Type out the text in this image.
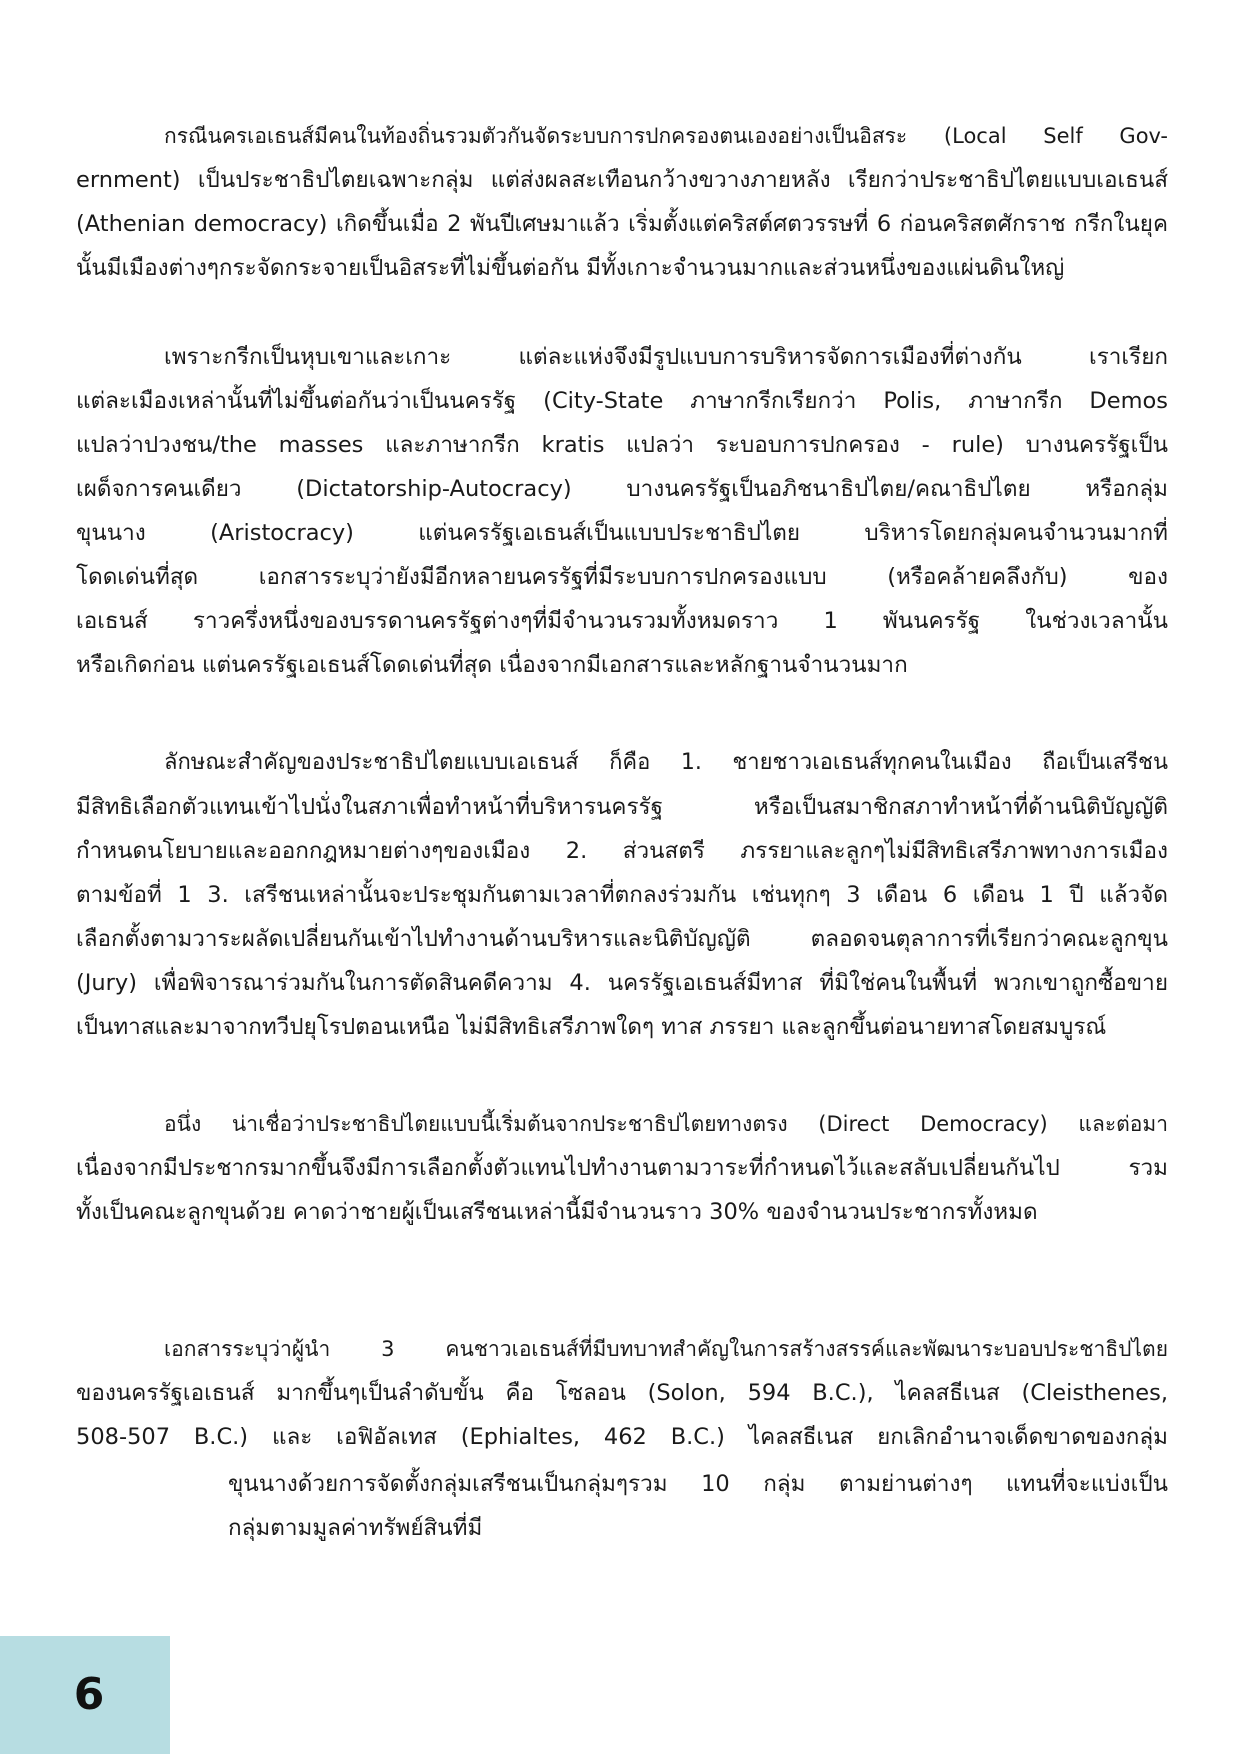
กรณีนครเอเธนส์มีคนในท้องถิ่นรวมตัวกันจัดระบบการปกครองตนเองอย่างเป็นอิสระ (Local Self Gov-
ernment) เป็นประชาธิปไตยเฉพาะกลุ่ม แต่ส่งผลสะเทือนกว้างขวางภายหลัง เรียกว่าประชาธิปไตยแบบเอเธนส์
(Athenian democracy) เกิดขึ้นเมื่อ 2 พันปีเศษมาแล้ว เริ่มตั้งแต่คริสต์ศตวรรษที่ 6 ก่อนคริสตศักราช กรีกในยุค
นั้นมีเมืองต่างๆกระจัดกระจายเป็นอิสระที่ไม่ขึ้นต่อกัน มีทั้งเกาะจำนวนมากและส่วนหนึ่งของแผ่นดินใหญ่
เพราะกรีกเป็นหุบเขาและเกาะ แต่ละแห่งจึงมีรูปแบบการบริหารจัดการเมืองที่ต่างกัน เราเรียก
แต่ละเมืองเหล่านั้นที่ไม่ขึ้นต่อกันว่าเป็นนครรัฐ (City-State ภาษากรีกเรียกว่า Polis, ภาษากรีก Demos
แปลว่าปวงชน/the masses และภาษากรีก kratis แปลว่า ระบอบการปกครอง - rule) บางนครรัฐเป็น
เผด็จการคนเดียว (Dictatorship-Autocracy) บางนครรัฐเป็นอภิชนาธิปไตย/คณาธิปไตย หรือกลุ่ม
ขุนนาง (Aristocracy) แต่นครรัฐเอเธนส์เป็นแบบประชาธิปไตย บริหารโดยกลุ่มคนจำนวนมากที่
โดดเด่นที่สุด เอกสารระบุว่ายังมีอีกหลายนครรัฐที่มีระบบการปกครองแบบ (หรือคล้ายคลึงกับ) ของ
เอเธนส์ ราวครึ่งหนึ่งของบรรดานครรัฐต่างๆที่มีจำนวนรวมทั้งหมดราว 1 พันนครรัฐ ในช่วงเวลานั้น
หรือเกิดก่อน แต่นครรัฐเอเธนส์โดดเด่นที่สุด เนื่องจากมีเอกสารและหลักฐานจำนวนมาก
ลักษณะสำคัญของประชาธิปไตยแบบเอเธนส์ ก็คือ 1. ชายชาวเอเธนส์ทุกคนในเมือง ถือเป็นเสรีชน
มีสิทธิเลือกตัวแทนเข้าไปนั่งในสภาเพื่อทำหน้าที่บริหารนครรัฐ หรือเป็นสมาชิกสภาทำหน้าที่ด้านนิติบัญญัติ
กำหนดนโยบายและออกกฎหมายต่างๆของเมือง 2. ส่วนสตรี ภรรยาและลูกๆไม่มีสิทธิเสรีภาพทางการเมือง
ตามข้อที่ 1 3. เสรีชนเหล่านั้นจะประชุมกันตามเวลาที่ตกลงร่วมกัน เช่นทุกๆ 3 เดือน 6 เดือน 1 ปี แล้วจัด
เลือกตั้งตามวาระผลัดเปลี่ยนกันเข้าไปทำงานด้านบริหารและนิติบัญญัติ ตลอดจนตุลาการที่เรียกว่าคณะลูกขุน
(Jury) เพื่อพิจารณาร่วมกันในการตัดสินคดีความ 4. นครรัฐเอเธนส์มีทาส ที่มิใช่คนในพื้นที่ พวกเขาถูกซื้อขาย
เป็นทาสและมาจากทวีปยุโรปตอนเหนือ ไม่มีสิทธิเสรีภาพใดๆ ทาส ภรรยา และลูกขึ้นต่อนายทาสโดยสมบูรณ์
อนึ่ง น่าเชื่อว่าประชาธิปไตยแบบนี้เริ่มต้นจากประชาธิปไตยทางตรง (Direct Democracy) และต่อมา
เนื่องจากมีประชากรมากขึ้นจึงมีการเลือกตั้งตัวแทนไปทำงานตามวาระที่กำหนดไว้และสลับเปลี่ยนกันไป รวม
ทั้งเป็นคณะลูกขุนด้วย คาดว่าชายผู้เป็นเสรีชนเหล่านี้มีจำนวนราว 30% ของจำนวนประชากรทั้งหมด
เอกสารระบุว่าผู้นำ 3 คนชาวเอเธนส์ที่มีบทบาทสำคัญในการสร้างสรรค์และพัฒนาระบอบประชาธิปไตย
ของนครรัฐเอเธนส์ มากขึ้นๆเป็นลำดับขั้น คือ โซลอน (Solon, 594 B.C.), ไคลสธีเนส (Cleisthenes,
508-507 B.C.) และ เอฟิอัลเทส (Ephialtes, 462 B.C.) ไคลสธีเนส ยกเลิกอำนาจเด็ดขาดของกลุ่ม
ขุนนางด้วยการจัดตั้งกลุ่มเสรีชนเป็นกลุ่มๆรวม 10 กลุ่ม ตามย่านต่างๆ แทนที่จะแบ่งเป็น
กลุ่มตามมูลค่าทรัพย์สินที่มี
6
